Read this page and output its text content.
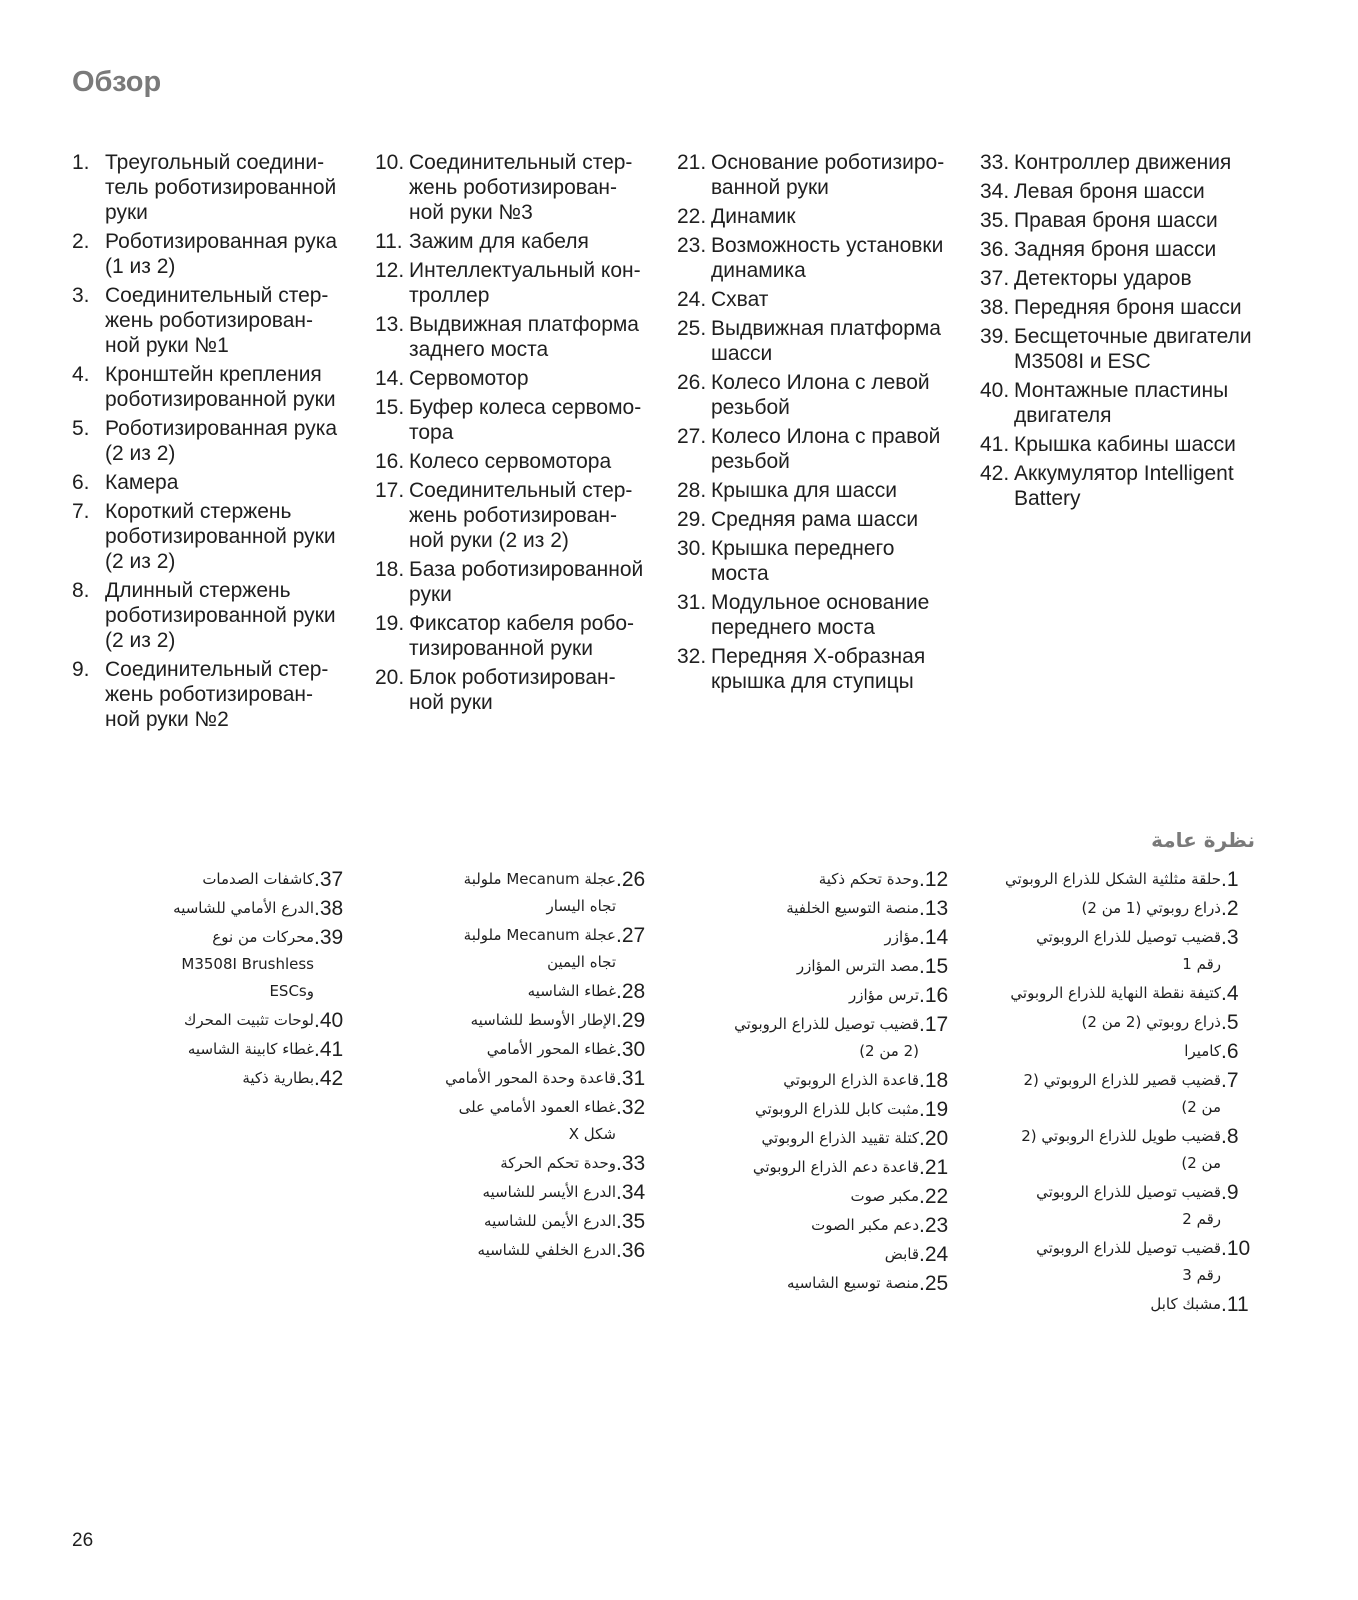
Обзор
1. Треугольный соедини-
тель роботизированной
руки
2. Роботизированная рука
(1 из 2)
3. Соединительный стер-
жень роботизирован-
ной руки №1
4. Кронштейн крепления
роботизированной руки
5. Роботизированная рука
(2 из 2)
6. Камера
7. Короткий стержень
роботизированной руки
(2 из 2)
8. Длинный стержень
роботизированной руки
(2 из 2)
9. Соединительный стер-
жень роботизирован-
ной руки №2
10. Соединительный стер-
жень роботизирован-
ной руки №3
11. Зажим для кабеля
12. Интеллектуальный кон-
троллер
13. Выдвижная платформа
заднего моста
14. Сервомотор
15. Буфер колеса сервомо-
тора
16. Колесо сервомотора
17. Соединительный стер-
жень роботизирован-
ной руки (2 из 2)
18. База роботизированной
руки
19. Фиксатор кабеля робо-
тизированной руки
20. Блок роботизирован-
ной руки
21. Основание роботизиро-
ванной руки
22. Динамик
23. Возможность установки
динамика
24. Схват
25. Выдвижная платформа
шасси
26. Колесо Илона с левой
резьбой
27. Колесо Илона с правой
резьбой
28. Крышка для шасси
29. Средняя рама шасси
30. Крышка переднего
моста
31. Модульное основание
переднего моста
32. Передняя Х-образная
крышка для ступицы
33. Контроллер движения
34. Левая броня шасси
35. Правая броня шасси
36. Задняя броня шасси
37. Детекторы ударов
38. Передняя броня шасси
39. Бесщеточные двигатели
M3508I и ESC
40. Монтажные пластины
двигателя
41. Крышка кабины шасси
42. Аккумулятор Intelligent
Battery
نظرة عامة
.1
حلقة مثلثية الشكل للذراع الروبوتي
.2
ذراع روبوتي (1 من 2)
.3
قضيب توصيل للذراع الروبوتي
رقم 1
.4
كتيفة نقطة النهاية للذراع الروبوتي
.5
ذراع روبوتي (2 من 2)
.6
كاميرا
.7
قضيب قصير للذراع الروبوتي (2
من 2)
.8
قضيب طويل للذراع الروبوتي (2
من 2)
.9
قضيب توصيل للذراع الروبوتي
رقم 2
.10
قضيب توصيل للذراع الروبوتي
رقم 3
.11
مشبك كابل
.12
وحدة تحكم ذكية
.13
منصة التوسيع الخلفية
.14
مؤازر
.15
مصد الترس المؤازر
.16
ترس مؤازر
.17
قضيب توصيل للذراع الروبوتي
(2 من 2)
.18
قاعدة الذراع الروبوتي
.19
مثبت كابل للذراع الروبوتي
.20
كتلة تقييد الذراع الروبوتي
.21
قاعدة دعم الذراع الروبوتي
.22
مكبر صوت
.23
دعم مكبر الصوت
.24
قابض
.25
منصة توسيع الشاسيه
.26
عجلة Mecanum ملولبة
تجاه اليسار
.27
عجلة Mecanum ملولبة
تجاه اليمين
.28
غطاء الشاسيه
.29
الإطار الأوسط للشاسيه
.30
غطاء المحور الأمامي
.31
قاعدة وحدة المحور الأمامي
.32
غطاء العمود الأمامي على
شكل X
.33
وحدة تحكم الحركة
.34
الدرع الأيسر للشاسيه
.35
الدرع الأيمن للشاسيه
.36
الدرع الخلفي للشاسيه
.37
كاشفات الصدمات
.38
الدرع الأمامي للشاسيه
.39
محركات من نوع
M3508I Brushless
وESCs
.40
لوحات تثبيت المحرك
.41
غطاء كابينة الشاسيه
.42
بطارية ذكية
26
